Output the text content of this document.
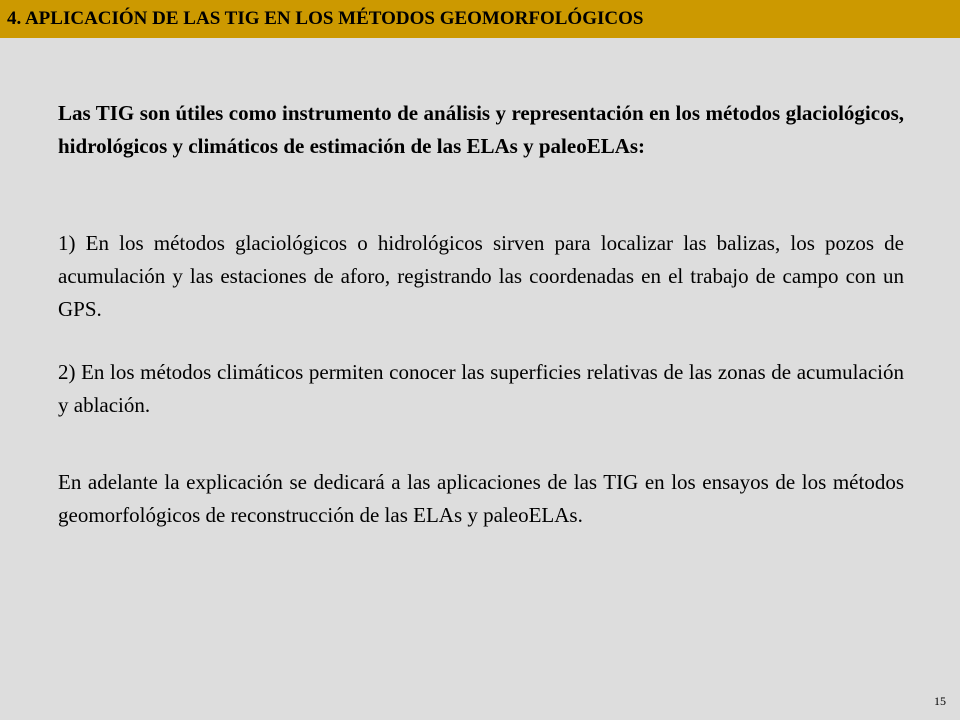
4. APLICACIÓN DE LAS TIG EN LOS MÉTODOS GEOMORFOLÓGICOS
Las TIG son útiles como instrumento de análisis y representación en los métodos glaciológicos, hidrológicos y climáticos de estimación de las ELAs y paleoELAs:
1) En los métodos glaciológicos o hidrológicos sirven para localizar las balizas, los pozos de acumulación y las estaciones de aforo, registrando las coordenadas en el trabajo de campo con un GPS.
2) En los métodos climáticos permiten conocer las superficies relativas de las zonas de acumulación y ablación.
En adelante la explicación se dedicará a las aplicaciones de las TIG en los ensayos de los métodos geomorfológicos de reconstrucción de las ELAs y paleoELAs.
15
